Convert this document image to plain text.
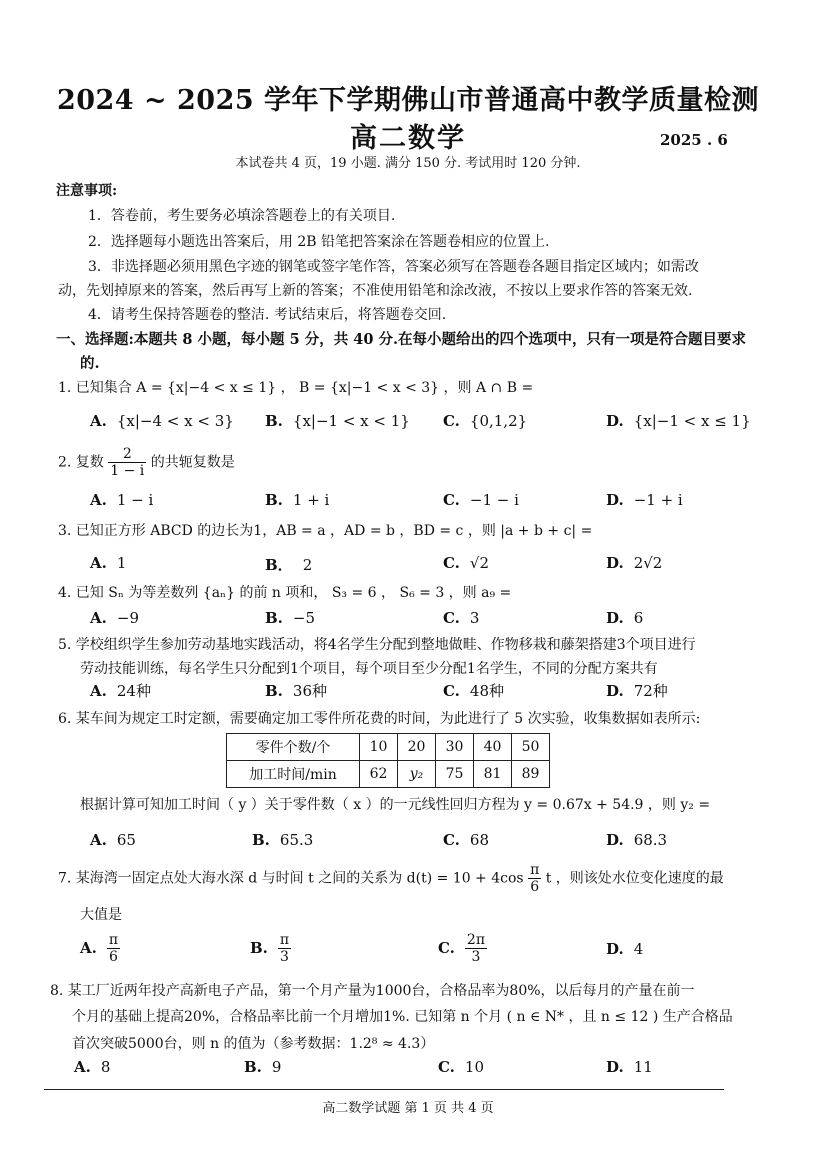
2024 ~ 2025 学年下学期佛山市普通高中教学质量检测
高二数学	2025 . 6
本试卷共 4 页，19 小题. 满分 150 分. 考试用时 120 分钟.
注意事项:
1．答卷前，考生要务必填涂答题卷上的有关项目.
2．选择题每小题选出答案后，用 2B 铅笔把答案涂在答题卷相应的位置上.
3．非选择题必须用黑色字迹的钢笔或签字笔作答，答案必须写在答题卷各题目指定区域内；如需改
动，先划掉原来的答案，然后再写上新的答案；不准使用铅笔和涂改液，不按以上要求作答的答案无效.
4．请考生保持答题卷的整洁. 考试结束后，将答题卷交回.
一、选择题:本题共 8 小题，每小题 5 分，共 40 分.在每小题给出的四个选项中，只有一项是符合题目要求
的.
1. 已知集合 A = {x|−4 < x ≤ 1} ， B = {x|−1 < x < 3} ，则 A ∩ B =
A. {x|−4 < x < 3} B. {x|−1 < x < 1} C. {0,1,2}	D. {x|−1 < x ≤ 1}
2. 复数 $\frac{2}{1 - i}$ 的共轭复数是
A. 1 − i	B. 1 + i	C. −1 − i	D. −1 + i
3. 已知正方形 ABCD 的边长为1，AB = a ，AD = b ，BD = c ，则 |a + b + c| =
A. 1	B． 2	C. √2	D. 2√2
4. 已知 Sₙ 为等差数列 {aₙ} 的前 n 项和， S₃ = 6 ， S₆ = 3 ，则 a₉ =
A. −9	B. −5	C. 3	D. 6
5. 学校组织学生参加劳动基地实践活动，将4名学生分配到整地做畦、作物移栽和藤架搭建3个项目进行
劳动技能训练，每名学生只分配到1个项目，每个项目至少分配1名学生，不同的分配方案共有
A. 24种	B. 36种	C. 48种	D. 72种
6. 某车间为规定工时定额，需要确定加工零件所花费的时间，为此进行了 5 次实验，收集数据如表所示:
零件个数/个	10	20	30	40	50
加工时间/min	62	y₂	75	81	89
根据计算可知加工时间（ y ）关于零件数（ x ）的一元线性回归方程为 y = 0.67x + 54.9 ，则 y₂ =
A. 65	B. 65.3	C. 68	D. 68.3
7. 某海湾一固定点处大海水深 d 与时间 t 之间的关系为 $d(t) = 10 + 4\cos \frac{\pi}{6}$ t ，则该处水位变化速度的最
大值是
A. $\frac{\pi}{6}$	B. $\frac{\pi}{3}$	C. $\frac{2\pi}{3}$	D. 4
8. 某工厂近两年投产高新电子产品，第一个月产量为1000台，合格品率为80%，以后每月的产量在前一
个月的基础上提高20%，合格品率比前一个月增加1%. 已知第 n 个月 ( n ∈ N* ，且 n ≤ 12 ) 生产合格品
首次突破5000台，则 n 的值为（参考数据：1.2⁸ ≈ 4.3）
A. 8	B. 9	C. 10	D. 11
高二数学试题 第 1 页 共 4 页
